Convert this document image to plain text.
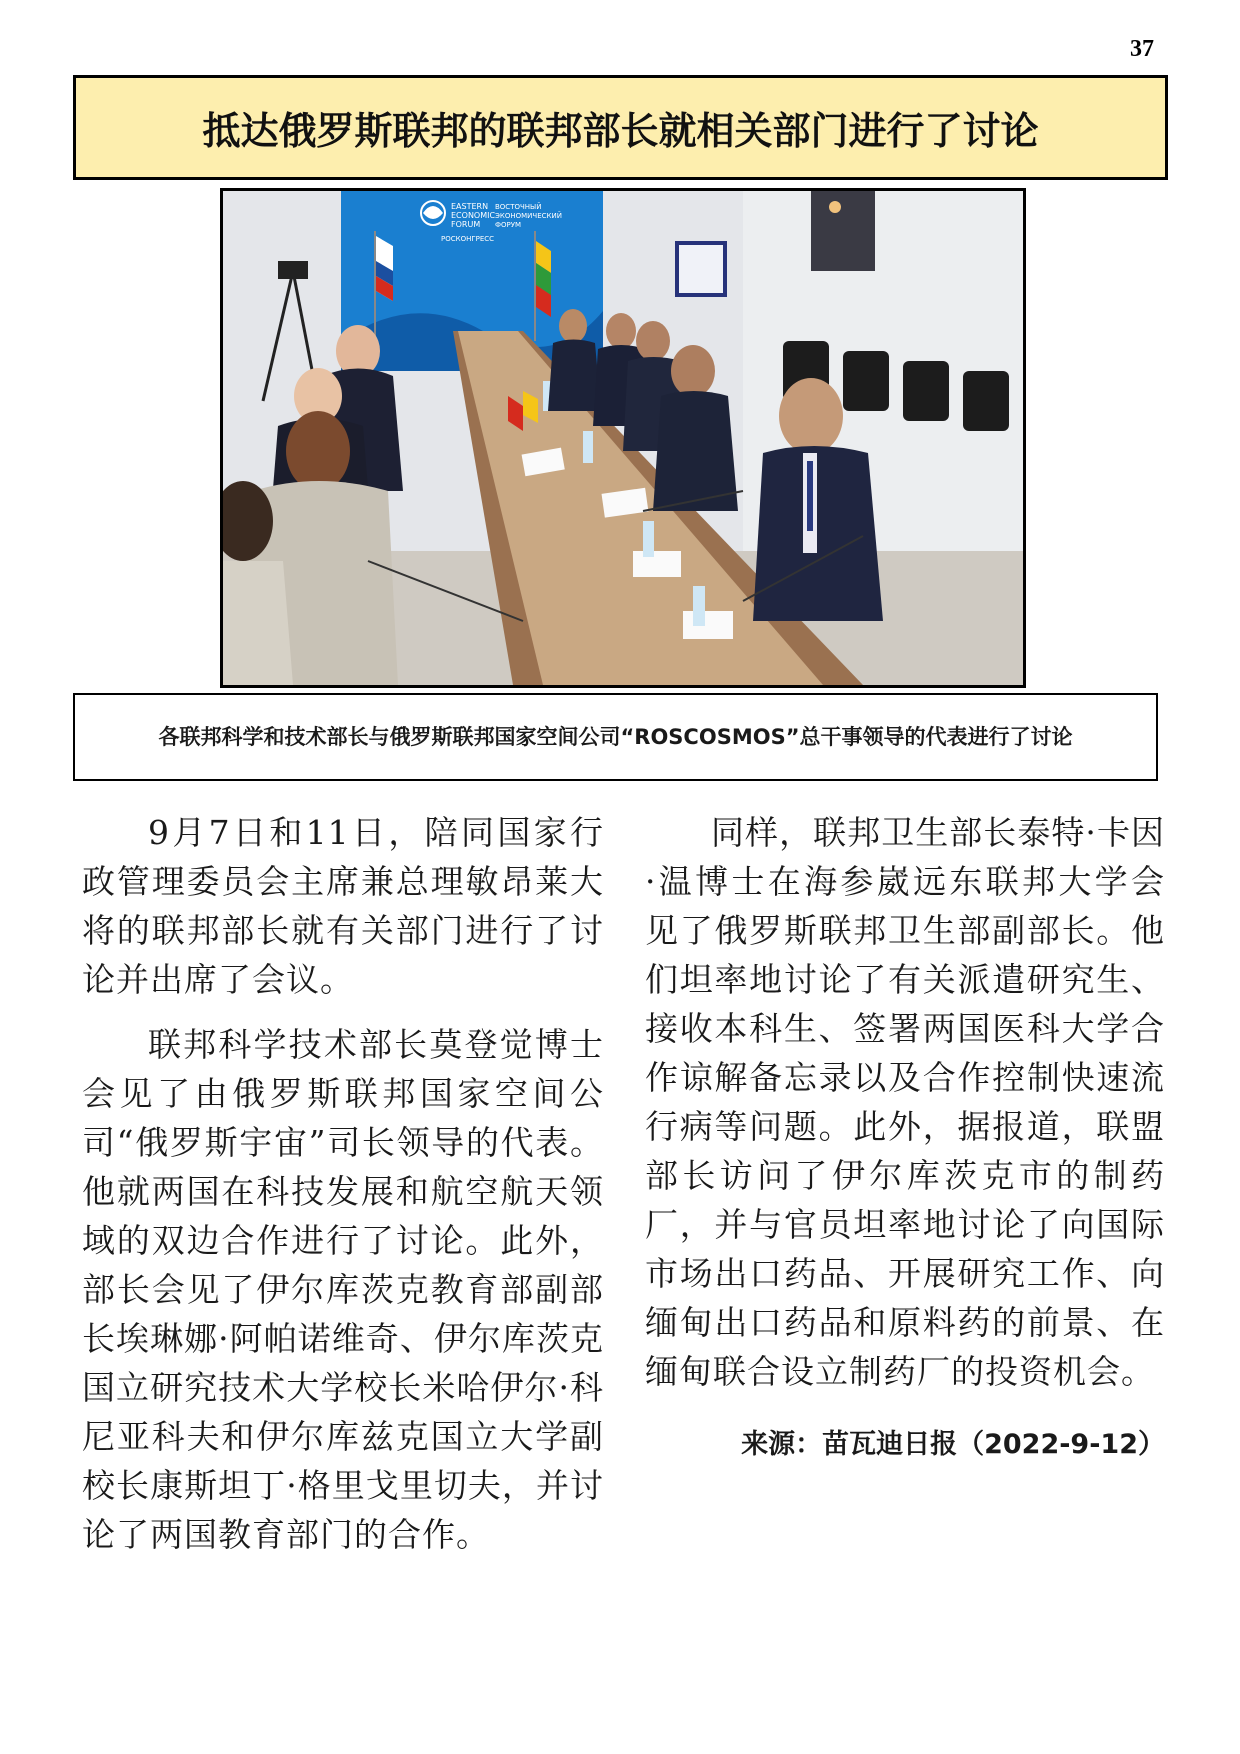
37
抵达俄罗斯联邦的联邦部长就相关部门进行了讨论
EASTERN
ECONOMIC
FORUM
ВОСТОЧНЫЙ
ЭКОНОМИЧЕСКИЙ
ФОРУМ
РОСКОНГРЕСС

各联邦科学和技术部长与俄罗斯联邦国家空间公司“ROSCOSMOS”总干事领导的代表进行了讨论

9月7日和11日，陪同国家行政管理委员会主席兼总理敏昂莱大将的联邦部长就有关部门进行了讨论并出席了会议。

联邦科学技术部长莫登觉博士会见了由俄罗斯联邦国家空间公司“俄罗斯宇宙”司长领导的代表。他就两国在科技发展和航空航天领域的双边合作进行了讨论。此外，部长会见了伊尔库茨克教育部副部长埃琳娜·阿帕诺维奇、伊尔库茨克国立研究技术大学校长米哈伊尔·科尼亚科夫和伊尔库兹克国立大学副校长康斯坦丁·格里戈里切夫，并讨论了两国教育部门的合作。

同样，联邦卫生部长泰特·卡因·温博士在海参崴远东联邦大学会见了俄罗斯联邦卫生部副部长。他们坦率地讨论了有关派遣研究生、接收本科生、签署两国医科大学合作谅解备忘录以及合作控制快速流行病等问题。此外，据报道，联盟部长访问了伊尔库茨克市的制药厂，并与官员坦率地讨论了向国际市场出口药品、开展研究工作、向缅甸出口药品和原料药的前景、在缅甸联合设立制药厂的投资机会。

来源：苗瓦迪日报（2022-9-12）
